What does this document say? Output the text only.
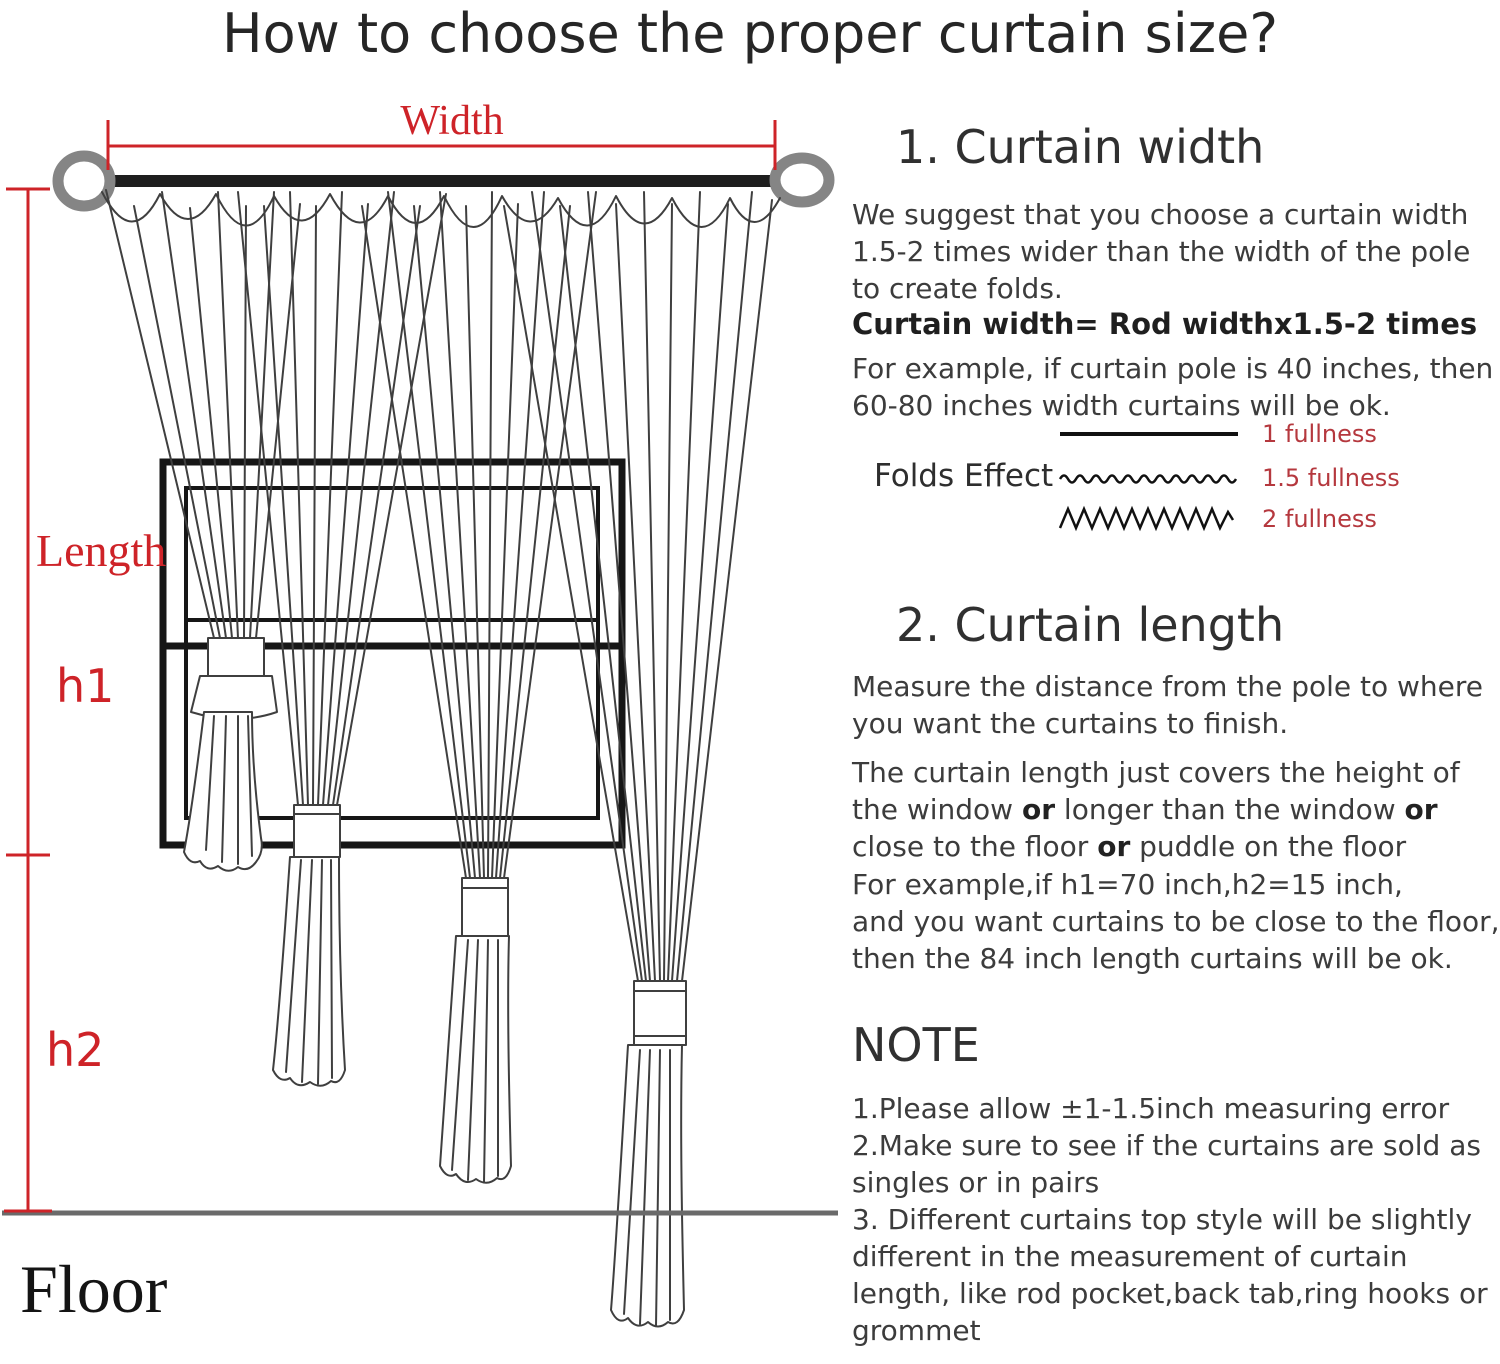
How to choose the proper curtain size?
Width
Length
h1
h2
Floor
1. Curtain width
We suggest that you choose a curtain width 1.5-2 times wider than the width of the pole to create folds.
Curtain width= Rod widthx1.5-2 times
For example, if curtain pole is 40 inches, then 60-80 inches width curtains will be ok.
Folds Effect
1 fullness
1.5 fullness
2 fullness
2. Curtain length
Measure the distance from the pole to where you want the curtains to finish.
The curtain length just covers the height of the window or longer than the window or close to the floor or puddle on the floor
For example,if h1=70 inch,h2=15 inch,
and you want curtains to be close to the floor,
then the 84 inch length curtains will be ok.
NOTE
1.Please allow ±1-1.5inch measuring error
2.Make sure to see if the curtains are sold as singles or in pairs
3. Different curtains top style will be slightly different in the measurement of curtain length, like rod pocket,back tab,ring hooks or grommet
